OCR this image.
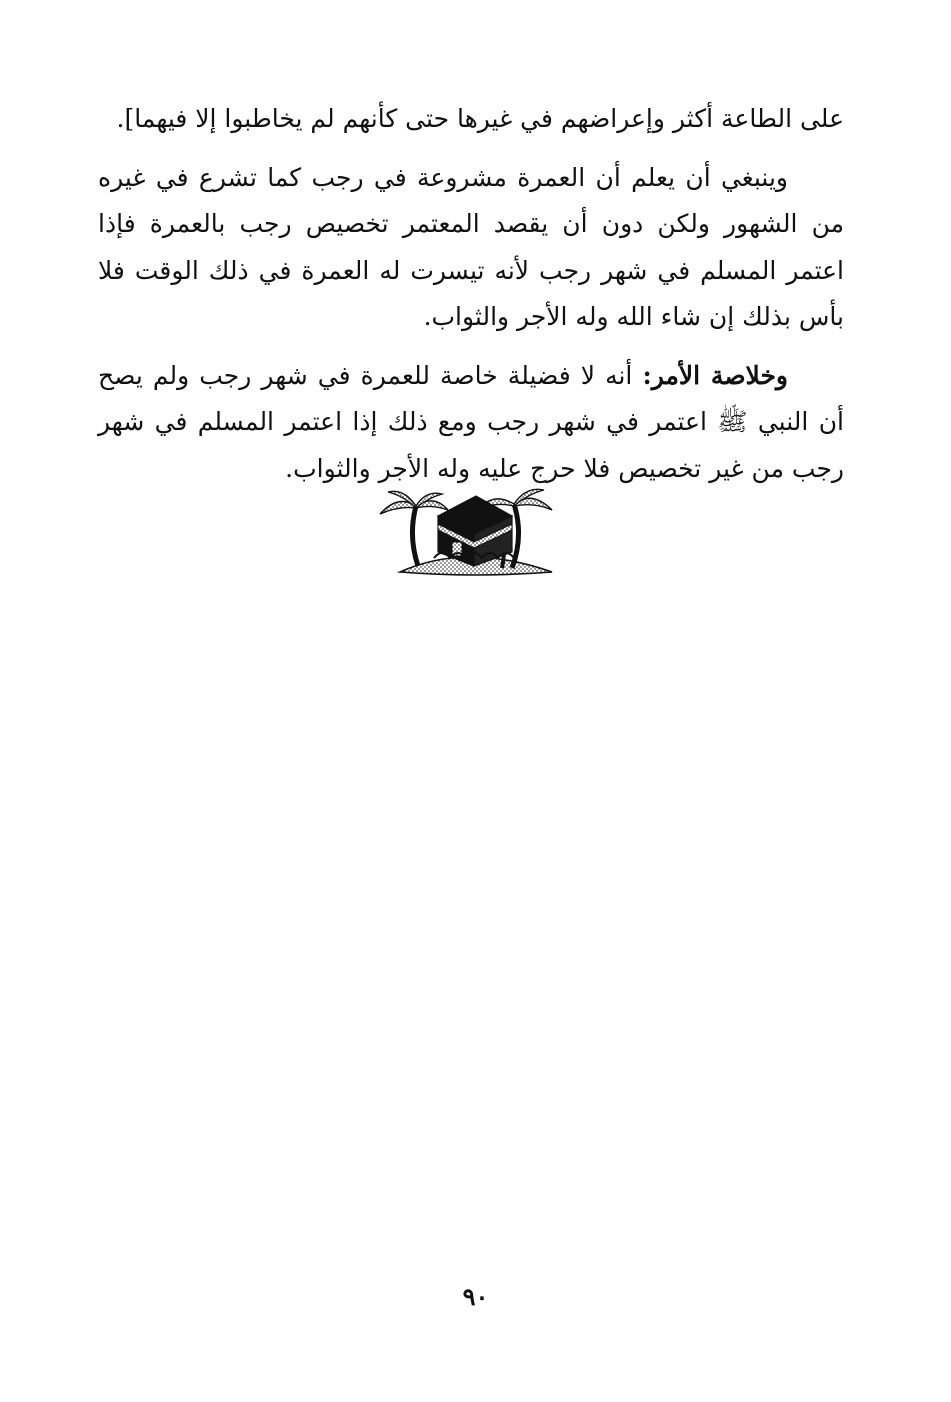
على الطاعة أكثر وإعراضهم في غيرها حتى كأنهم لم يخاطبوا إلا فيهما].

وينبغي أن يعلم أن العمرة مشروعة في رجب كما تشرع في غيره من الشهور ولكن دون أن يقصد المعتمر تخصيص رجب بالعمرة فإذا اعتمر المسلم في شهر رجب لأنه تيسرت له العمرة في ذلك الوقت فلا بأس بذلك إن شاء الله وله الأجر والثواب.

وخلاصة الأمر: أنه لا فضيلة خاصة للعمرة في شهر رجب ولم يصح أن النبي ﷺ اعتمر في شهر رجب ومع ذلك إذا اعتمر المسلم في شهر رجب من غير تخصيص فلا حرج عليه وله الأجر والثواب.

٩٠
